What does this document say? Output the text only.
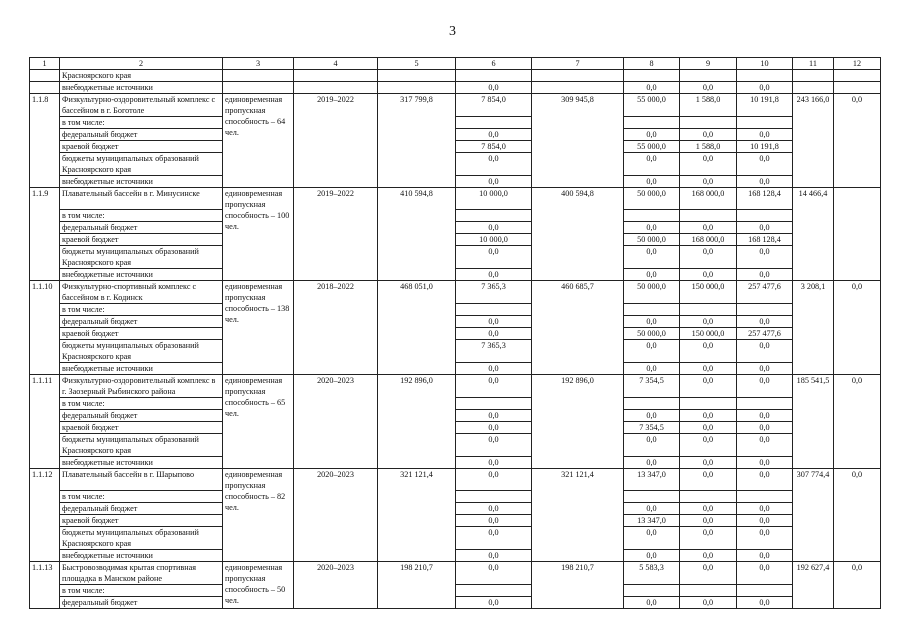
3
1	2	3	4	5	6	7	8	9	10	11	12
	Красноярского края										
	внебюджетные источники				0,0		0,0	0,0	0,0		
1.1.8	Физкультурно-оздоровительный комплекс с бассейном в г. Боготоле	единовременная пропускная способность – 64 чел.	2019–2022	317 799,8	7 854,0	309 945,8	55 000,0	1 588,0	10 191,8	243 166,0	0,0
	в том числе:										
	федеральный бюджет				0,0		0,0	0,0	0,0		
	краевой бюджет				7 854,0		55 000,0	1 588,0	10 191,8		
	бюджеты муниципальных образований Красноярского края				0,0		0,0	0,0	0,0		
	внебюджетные источники				0,0		0,0	0,0	0,0		
1.1.9	Плавательный бассейн в г. Минусинске	единовременная пропускная способность – 100 чел.	2019–2022	410 594,8	10 000,0	400 594,8	50 000,0	168 000,0	168 128,4	14 466,4	
	в том числе:										
	федеральный бюджет				0,0		0,0	0,0	0,0		
	краевой бюджет				10 000,0		50 000,0	168 000,0	168 128,4		
	бюджеты муниципальных образований Красноярского края				0,0		0,0	0,0	0,0		
	внебюджетные источники				0,0		0,0	0,0	0,0		
1.1.10	Физкультурно-спортивный комплекс с бассейном в г. Кодинск	единовременная пропускная способность – 138 чел.	2018–2022	468 051,0	7 365,3	460 685,7	50 000,0	150 000,0	257 477,6	3 208,1	0,0
	в том числе:										
	федеральный бюджет				0,0		0,0	0,0	0,0		
	краевой бюджет				0,0		50 000,0	150 000,0	257 477,6		
	бюджеты муниципальных образований Красноярского края				7 365,3		0,0	0,0	0,0		
	внебюджетные источники				0,0		0,0	0,0	0,0		
1.1.11	Физкультурно-оздоровительный комплекс в г. Заозерный Рыбинского района	единовременная пропускная способность – 65 чел.	2020–2023	192 896,0	0,0	192 896,0	7 354,5	0,0	0,0	185 541,5	0,0
	в том числе:										
	федеральный бюджет				0,0		0,0	0,0	0,0		
	краевой бюджет				0,0		7 354,5	0,0	0,0		
	бюджеты муниципальных образований Красноярского края				0,0		0,0	0,0	0,0		
	внебюджетные источники				0,0		0,0	0,0	0,0		
1.1.12	Плавательный бассейн в г. Шарыпово	единовременная пропускная способность – 82 чел.	2020–2023	321 121,4	0,0	321 121,4	13 347,0	0,0	0,0	307 774,4	0,0
	в том числе:										
	федеральный бюджет				0,0		0,0	0,0	0,0		
	краевой бюджет				0,0		13 347,0	0,0	0,0		
	бюджеты муниципальных образований Красноярского края				0,0		0,0	0,0	0,0		
	внебюджетные источники				0,0		0,0	0,0	0,0		
1.1.13	Быстровозводимая крытая спортивная площадка в Манском районе	единовременная пропускная способность – 50 чел.	2020–2023	198 210,7	0,0	198 210,7	5 583,3	0,0	0,0	192 627,4	0,0
	в том числе:										
	федеральный бюджет				0,0		0,0	0,0	0,0		
